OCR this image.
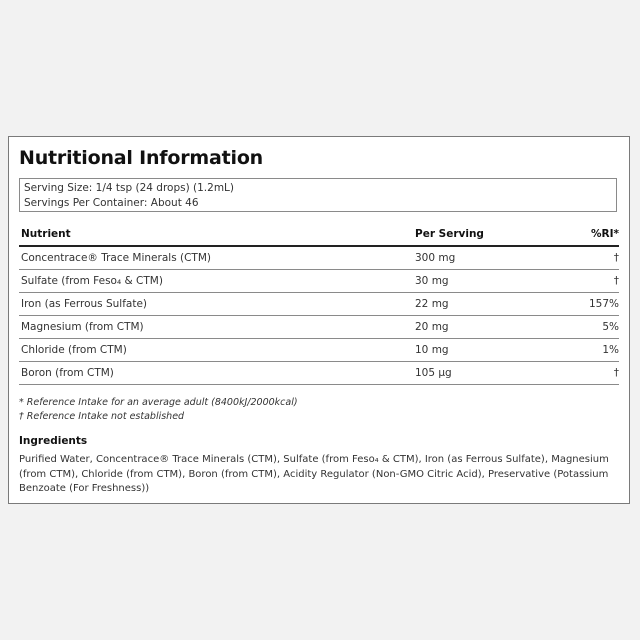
Nutritional Information
Serving Size: 1/4 tsp (24 drops) (1.2mL)
Servings Per Container: About 46
Nutrient	Per Serving	%RI*
Concentrace® Trace Minerals (CTM)	300 mg	†
Sulfate (from Feso₄ & CTM)	30 mg	†
Iron (as Ferrous Sulfate)	22 mg	157%
Magnesium (from CTM)	20 mg	5%
Chloride (from CTM)	10 mg	1%
Boron (from CTM)	105 µg	†
* Reference Intake for an average adult (8400kJ/2000kcal)
† Reference Intake not established
Ingredients
Purified Water, Concentrace® Trace Minerals (CTM), Sulfate (from Feso₄ & CTM), Iron (as Ferrous Sulfate), Magnesium (from CTM), Chloride (from CTM), Boron (from CTM), Acidity Regulator (Non-GMO Citric Acid), Preservative (Potassium Benzoate (For Freshness))
